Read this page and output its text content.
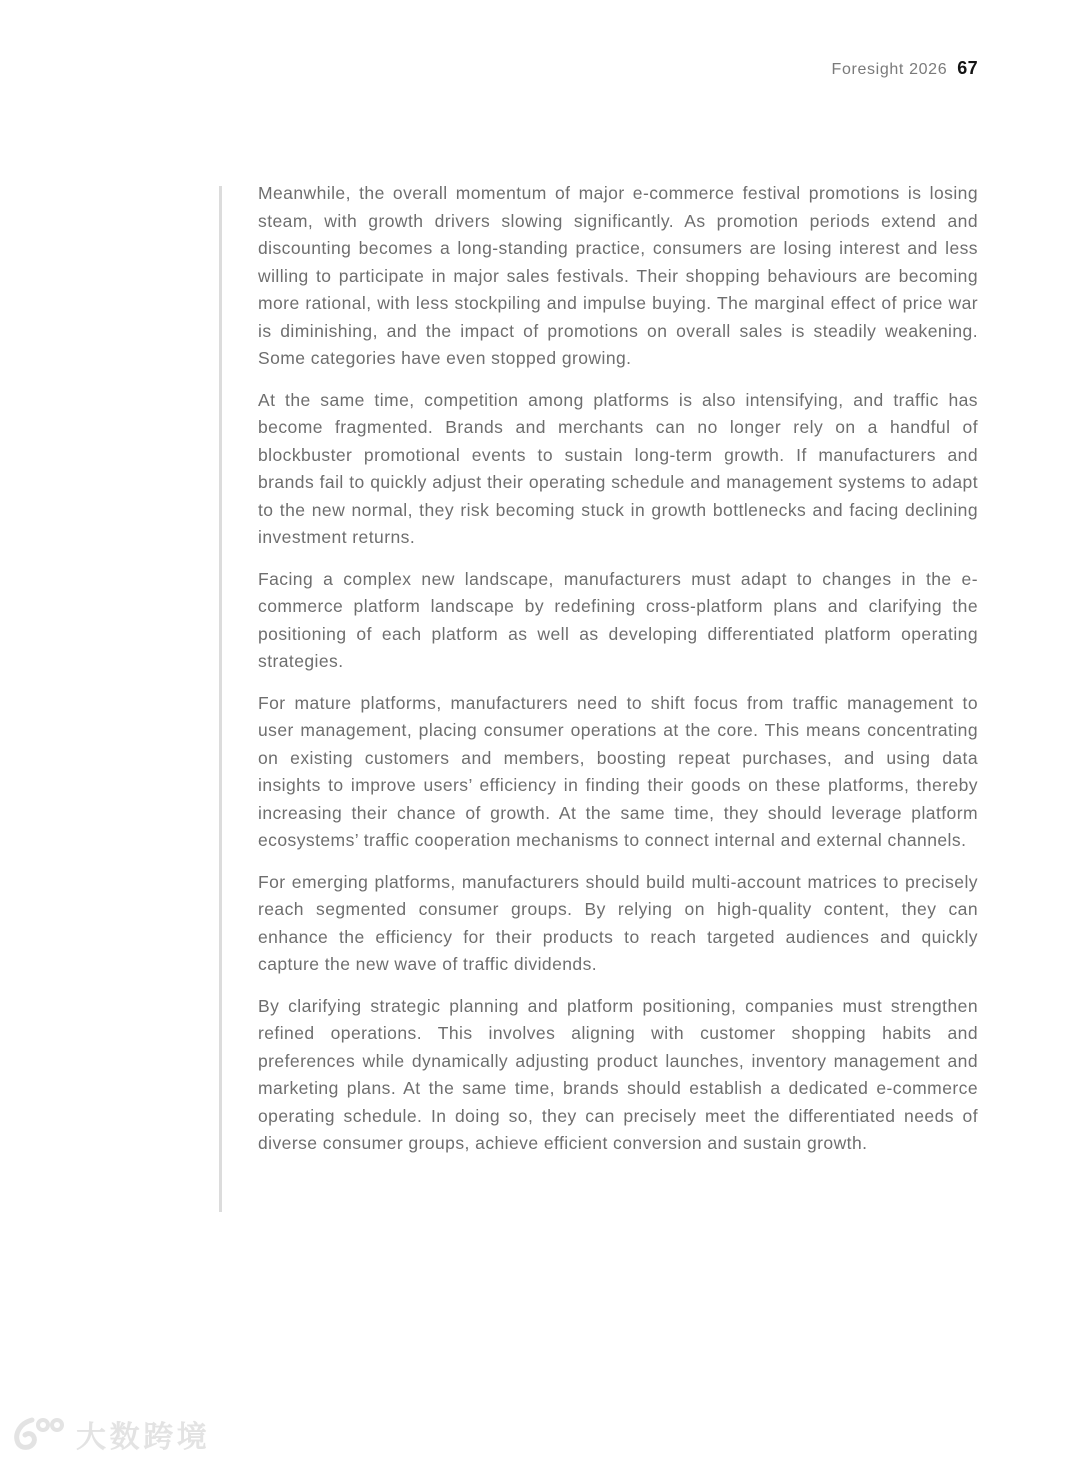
Foresight 2026 67

Meanwhile, the overall momentum of major e-commerce festival promotions is losing steam, with growth drivers slowing significantly. As promotion periods extend and discounting becomes a long-standing practice, consumers are losing interest and less willing to participate in major sales festivals. Their shopping behaviours are becoming more rational, with less stockpiling and impulse buying. The marginal effect of price war is diminishing, and the impact of promotions on overall sales is steadily weakening. Some categories have even stopped growing.

At the same time, competition among platforms is also intensifying, and traffic has become fragmented. Brands and merchants can no longer rely on a handful of blockbuster promotional events to sustain long-term growth. If manufacturers and brands fail to quickly adjust their operating schedule and management systems to adapt to the new normal, they risk becoming stuck in growth bottlenecks and facing declining investment returns.

Facing a complex new landscape, manufacturers must adapt to changes in the e-commerce platform landscape by redefining cross-platform plans and clarifying the positioning of each platform as well as developing differentiated platform operating strategies.

For mature platforms, manufacturers need to shift focus from traffic management to user management, placing consumer operations at the core. This means concentrating on existing customers and members, boosting repeat purchases, and using data insights to improve users’ efficiency in finding their goods on these platforms, thereby increasing their chance of growth. At the same time, they should leverage platform ecosystems’ traffic cooperation mechanisms to connect internal and external channels.

For emerging platforms, manufacturers should build multi-account matrices to precisely reach segmented consumer groups. By relying on high-quality content, they can enhance the efficiency for their products to reach targeted audiences and quickly capture the new wave of traffic dividends.

By clarifying strategic planning and platform positioning, companies must strengthen refined operations. This involves aligning with customer shopping habits and preferences while dynamically adjusting product launches, inventory management and marketing plans. At the same time, brands should establish a dedicated e-commerce operating schedule. In doing so, they can precisely meet the differentiated needs of diverse consumer groups, achieve efficient conversion and sustain growth.

大数跨境
